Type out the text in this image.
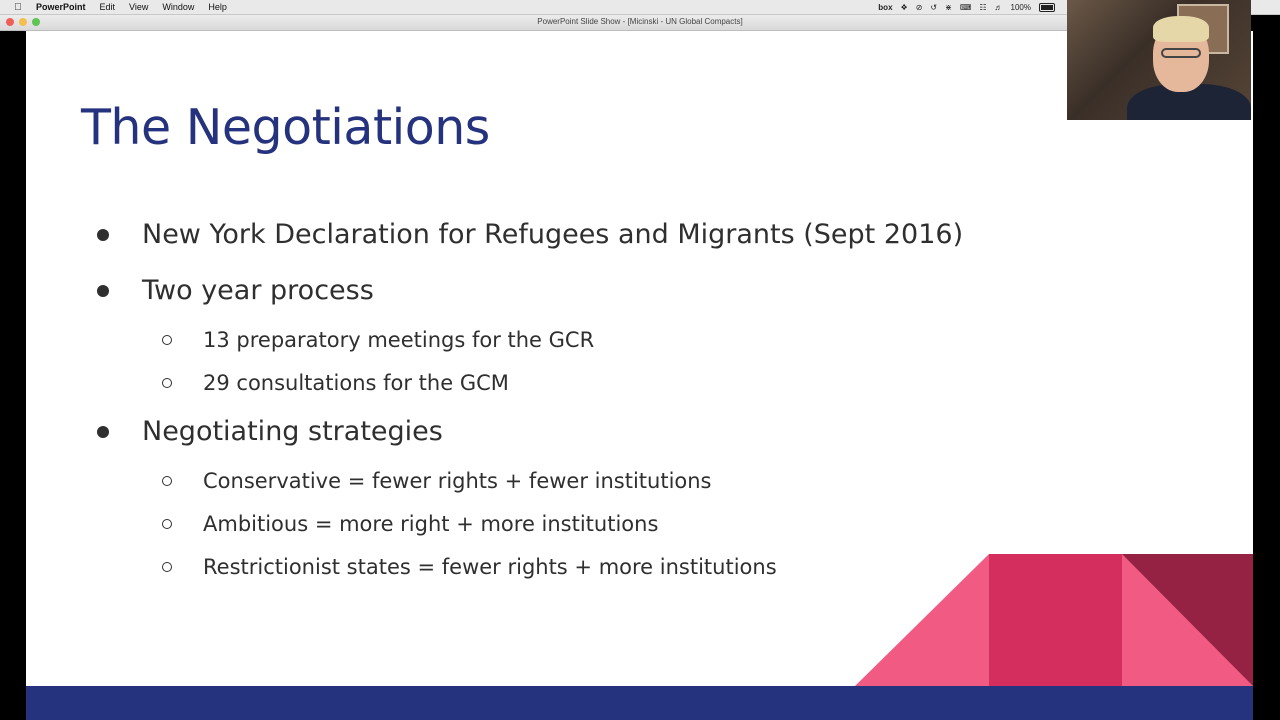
PowerPoint Edit View Window Help	box ❖ ⊘ ↺ ⋇ ⌨ ☷ ♬ 100%
PowerPoint Slide Show - [Micinski - UN Global Compacts]
The Negotiations
New York Declaration for Refugees and Migrants (Sept 2016)
Two year process
13 preparatory meetings for the GCR
29 consultations for the GCM
Negotiating strategies
Conservative = fewer rights + fewer institutions
Ambitious = more right + more institutions
Restrictionist states = fewer rights + more institutions
